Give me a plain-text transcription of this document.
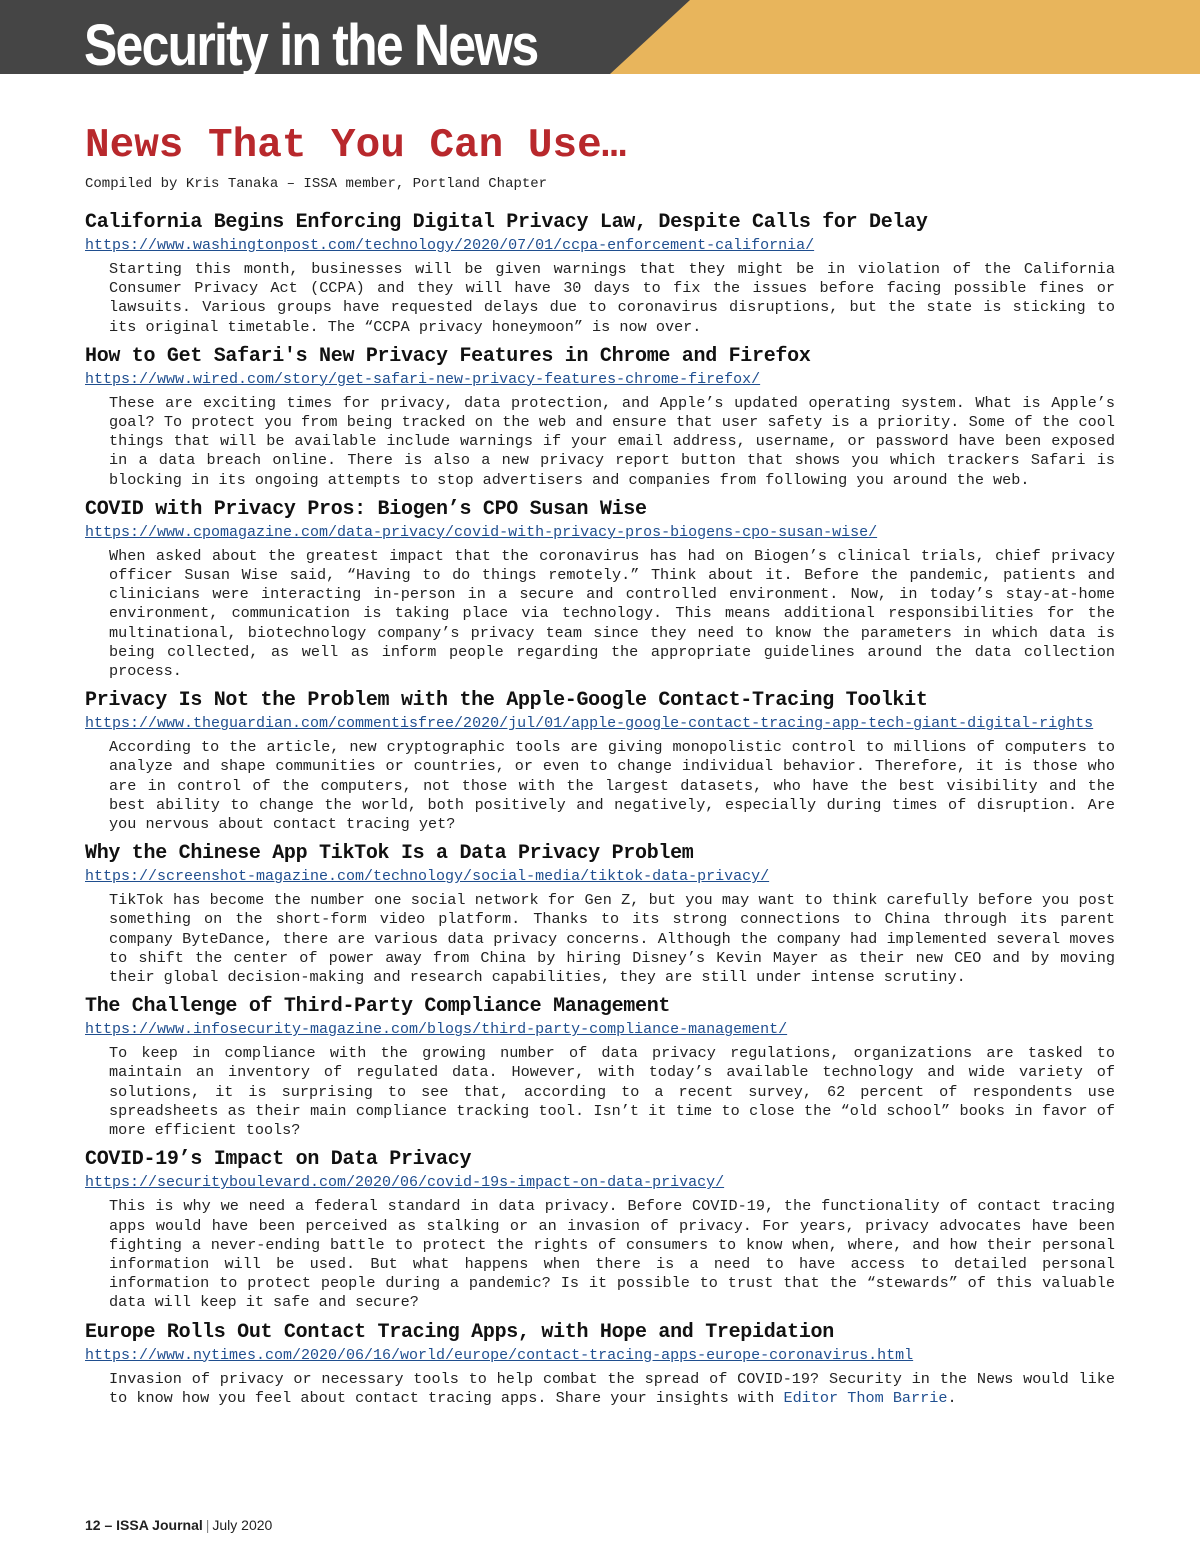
Security in the News
News That You Can Use…
Compiled by Kris Tanaka – ISSA member, Portland Chapter
California Begins Enforcing Digital Privacy Law, Despite Calls for Delay
https://www.washingtonpost.com/technology/2020/07/01/ccpa-enforcement-california/

Starting this month, businesses will be given warnings that they might be in violation of the California Consumer Privacy Act (CCPA) and they will have 30 days to fix the issues before facing possible fines or lawsuits. Various groups have requested delays due to coronavirus disruptions, but the state is sticking to its original timetable. The “CCPA privacy honeymoon” is now over.

How to Get Safari's New Privacy Features in Chrome and Firefox
https://www.wired.com/story/get-safari-new-privacy-features-chrome-firefox/

These are exciting times for privacy, data protection, and Apple’s updated operating system. What is Apple’s goal? To protect you from being tracked on the web and ensure that user safety is a priority. Some of the cool things that will be available include warnings if your email address, username, or password have been exposed in a data breach online. There is also a new privacy report button that shows you which trackers Safari is blocking in its ongoing attempts to stop advertisers and companies from following you around the web.

COVID with Privacy Pros: Biogen’s CPO Susan Wise
https://www.cpomagazine.com/data-privacy/covid-with-privacy-pros-biogens-cpo-susan-wise/

When asked about the greatest impact that the coronavirus has had on Biogen’s clinical trials, chief privacy officer Susan Wise said, “Having to do things remotely.” Think about it. Before the pandemic, patients and clinicians were interacting in-person in a secure and controlled environment. Now, in today’s stay-at-home environment, communication is taking place via technology. This means additional responsibilities for the multinational, biotechnology company’s privacy team since they need to know the parameters in which data is being collected, as well as inform people regarding the appropriate guidelines around the data collection process.

Privacy Is Not the Problem with the Apple-Google Contact-Tracing Toolkit
https://www.theguardian.com/commentisfree/2020/jul/01/apple-google-contact-tracing-app-tech-giant-digital-rights

According to the article, new cryptographic tools are giving monopolistic control to millions of computers to analyze and shape communities or countries, or even to change individual behavior. Therefore, it is those who are in control of the computers, not those with the largest datasets, who have the best visibility and the best ability to change the world, both positively and negatively, especially during times of disruption. Are you nervous about contact tracing yet?

Why the Chinese App TikTok Is a Data Privacy Problem
https://screenshot-magazine.com/technology/social-media/tiktok-data-privacy/

TikTok has become the number one social network for Gen Z, but you may want to think carefully before you post something on the short-form video platform. Thanks to its strong connections to China through its parent company ByteDance, there are various data privacy concerns. Although the company had implemented several moves to shift the center of power away from China by hiring Disney’s Kevin Mayer as their new CEO and by moving their global decision-making and research capabilities, they are still under intense scrutiny.

The Challenge of Third-Party Compliance Management
https://www.infosecurity-magazine.com/blogs/third-party-compliance-management/

To keep in compliance with the growing number of data privacy regulations, organizations are tasked to maintain an inventory of regulated data. However, with today’s available technology and wide variety of solutions, it is surprising to see that, according to a recent survey, 62 percent of respondents use spreadsheets as their main compliance tracking tool. Isn’t it time to close the “old school” books in favor of more efficient tools?

COVID-19’s Impact on Data Privacy
https://securityboulevard.com/2020/06/covid-19s-impact-on-data-privacy/

This is why we need a federal standard in data privacy. Before COVID-19, the functionality of contact tracing apps would have been perceived as stalking or an invasion of privacy. For years, privacy advocates have been fighting a never-ending battle to protect the rights of consumers to know when, where, and how their personal information will be used. But what happens when there is a need to have access to detailed personal information to protect people during a pandemic? Is it possible to trust that the “stewards” of this valuable data will keep it safe and secure?

Europe Rolls Out Contact Tracing Apps, with Hope and Trepidation
https://www.nytimes.com/2020/06/16/world/europe/contact-tracing-apps-europe-coronavirus.html

Invasion of privacy or necessary tools to help combat the spread of COVID-19? Security in the News would like to know how you feel about contact tracing apps. Share your insights with Editor Thom Barrie.

12 – ISSA Journal | July 2020
